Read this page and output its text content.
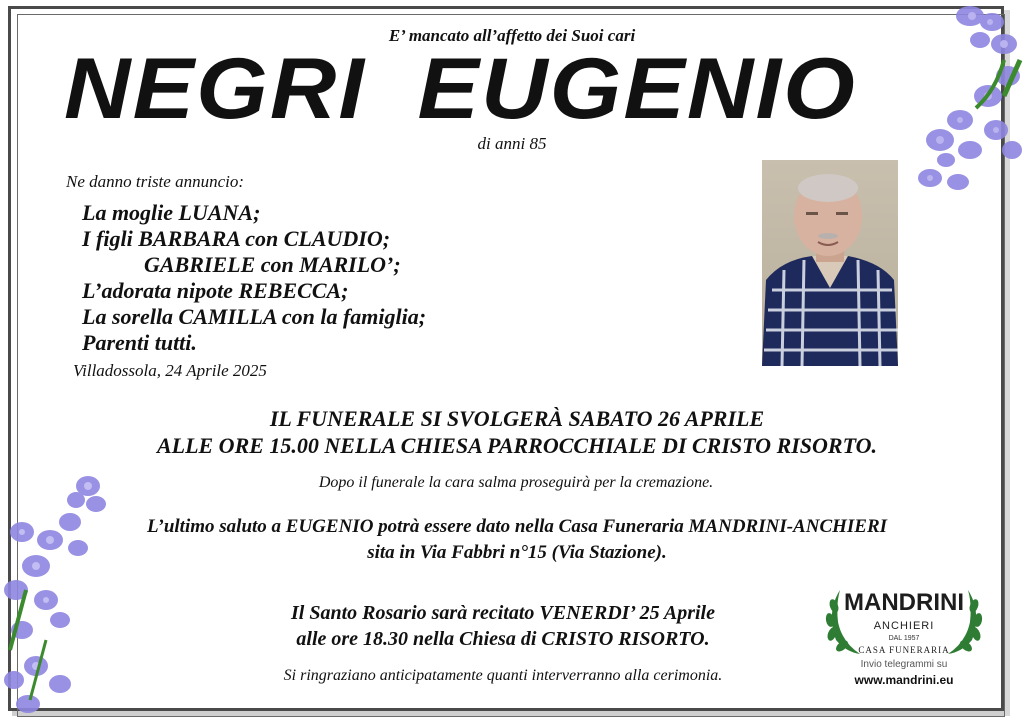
E’ mancato all’affetto dei Suoi cari
NEGRI EUGENIO
di anni 85
Ne danno triste annuncio:
La moglie LUANA;
I figli BARBARA con CLAUDIO;
GABRIELE con MARILO’;
L’adorata nipote REBECCA;
La sorella CAMILLA con la famiglia;
Parenti tutti.
Villadossola, 24 Aprile 2025
IL FUNERALE SI SVOLGERÀ SABATO 26 APRILE
ALLE ORE 15.00 NELLA CHIESA PARROCCHIALE DI CRISTO RISORTO.
Dopo il funerale la cara salma proseguirà per la cremazione.
L’ultimo saluto a EUGENIO potrà essere dato nella Casa Funeraria MANDRINI-ANCHIERI
sita in Via Fabbri n°15 (Via Stazione).
Il Santo Rosario sarà recitato VENERDI’ 25 Aprile
alle ore 18.30 nella Chiesa di CRISTO RISORTO.
Si ringraziano anticipatamente quanti interverranno alla cerimonia.
MANDRINI
ANCHIERI
DAL 1957
CASA FUNERARIA
Invio telegrammi su
www.mandrini.eu
